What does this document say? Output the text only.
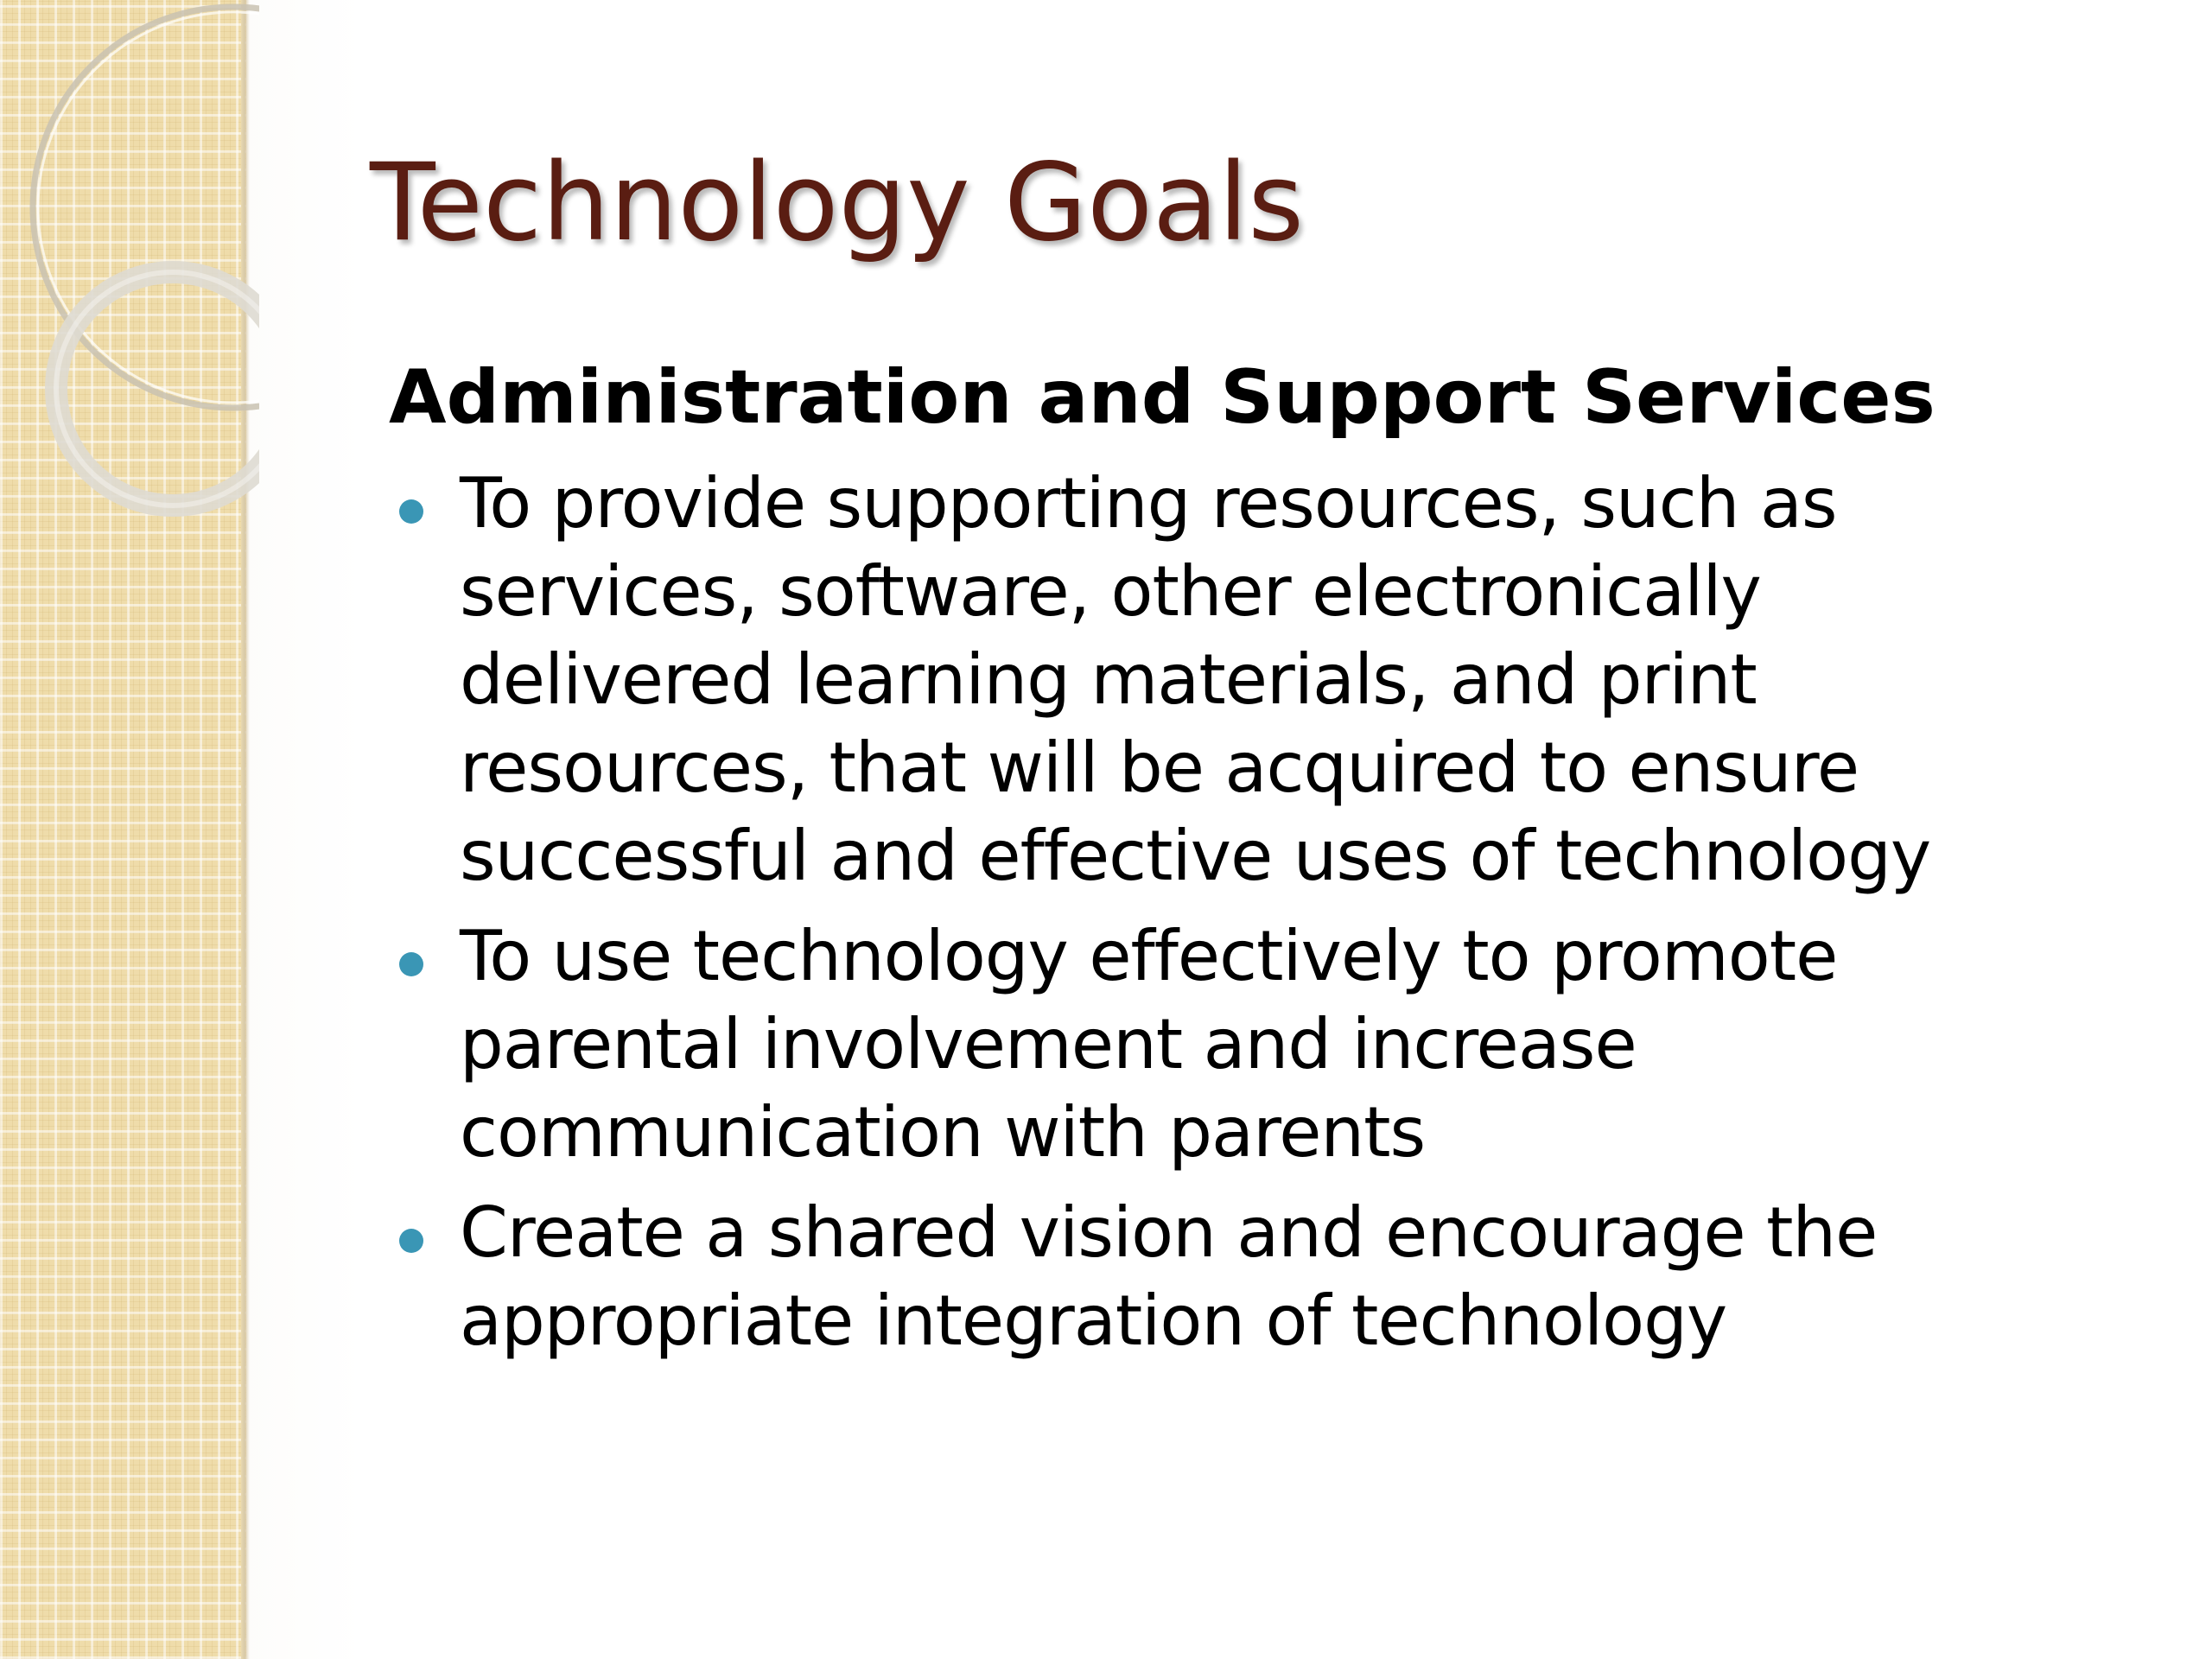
Technology Goals
Administration and Support Services
To provide supporting resources, such as
services, software, other electronically
delivered learning materials, and print
resources, that will be acquired to ensure
successful and effective uses of technology
To use technology effectively to promote
parental involvement and increase
communication with parents
Create a shared vision and encourage the
appropriate integration of technology
